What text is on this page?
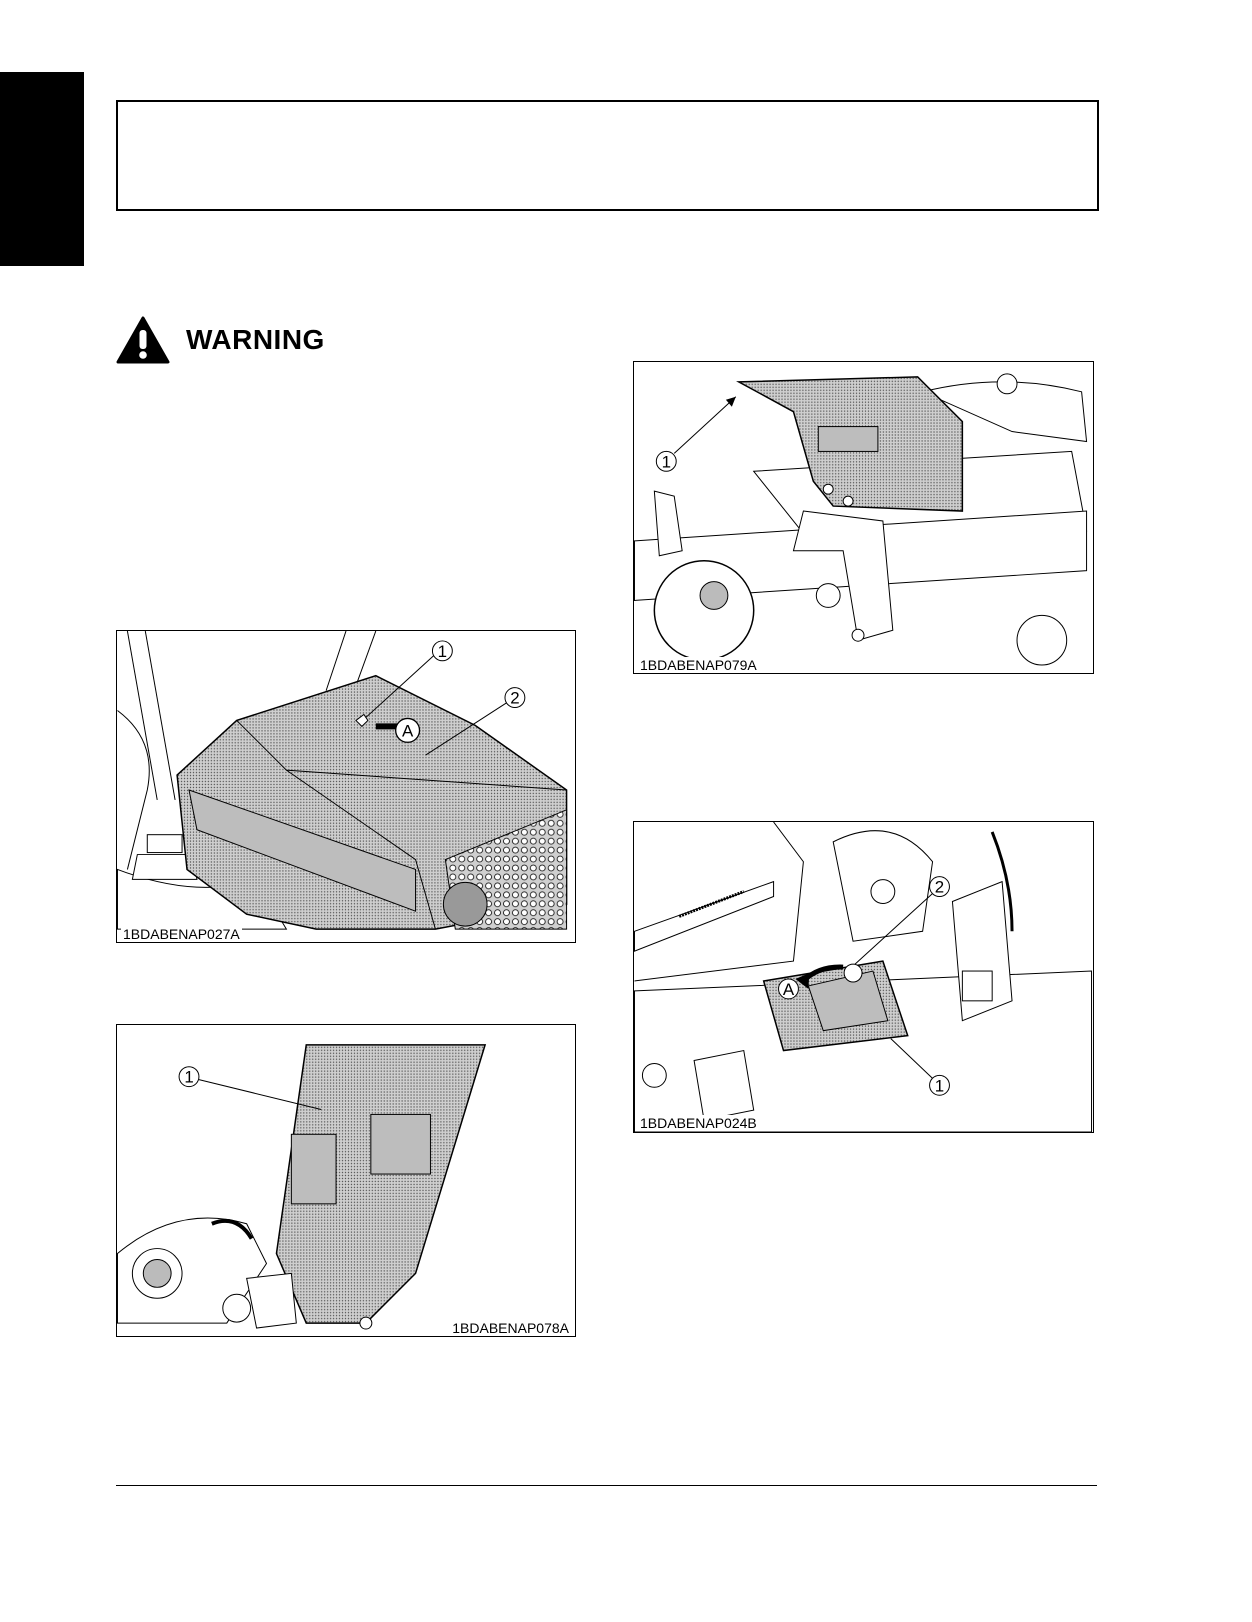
WARNING
A
1
2
1BDABENAP027A
1
1BDABENAP078A
1
1BDABENAP079A
A
2
1
1BDABENAP024B
